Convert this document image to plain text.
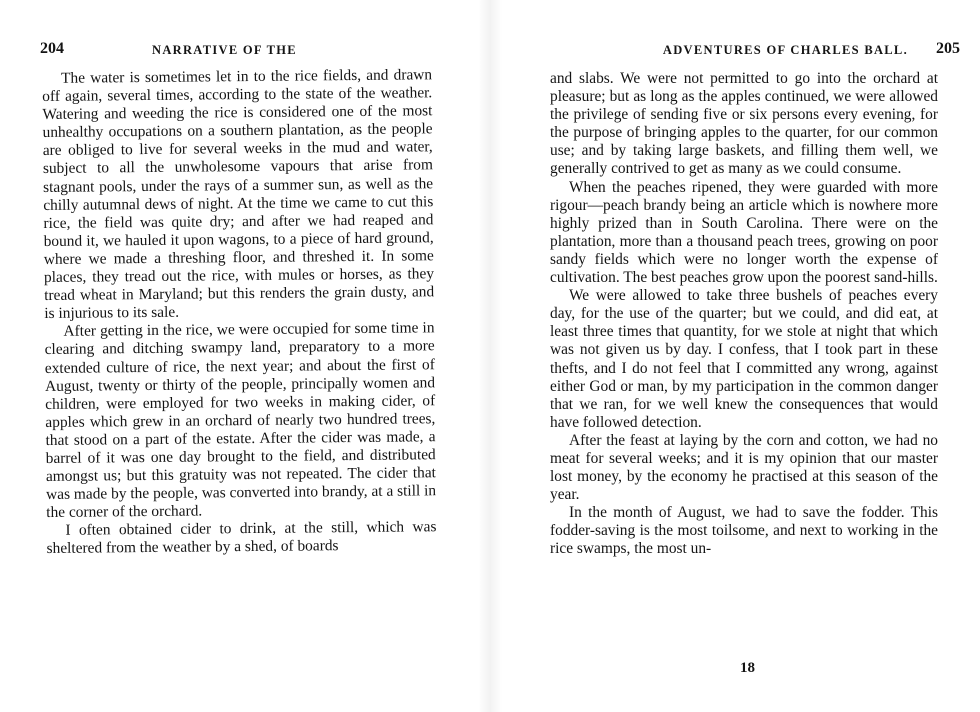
204	NARRATIVE OF THE

The water is sometimes let in to the rice fields, and drawn off again, several times, according to the state of the weather. Watering and weeding the rice is considered one of the most unhealthy occupations on a southern plantation, as the people are obliged to live for several weeks in the mud and water, subject to all the unwholesome vapours that arise from stagnant pools, under the rays of a summer sun, as well as the chilly autumnal dews of night. At the time we came to cut this rice, the field was quite dry; and after we had reaped and bound it, we hauled it upon wagons, to a piece of hard ground, where we made a threshing floor, and threshed it. In some places, they tread out the rice, with mules or horses, as they tread wheat in Maryland; but this renders the grain dusty, and is injurious to its sale.

After getting in the rice, we were occupied for some time in clearing and ditching swampy land, preparatory to a more extended culture of rice, the next year; and about the first of August, twenty or thirty of the people, principally women and children, were employed for two weeks in making cider, of apples which grew in an orchard of nearly two hundred trees, that stood on a part of the estate. After the cider was made, a barrel of it was one day brought to the field, and distributed amongst us; but this gratuity was not repeated. The cider that was made by the people, was converted into brandy, at a still in the corner of the orchard.

I often obtained cider to drink, at the still, which was sheltered from the weather by a shed, of boards

ADVENTURES OF CHARLES BALL. 205

and slabs. We were not permitted to go into the orchard at pleasure; but as long as the apples continued, we were allowed the privilege of sending five or six persons every evening, for the purpose of bringing apples to the quarter, for our common use; and by taking large baskets, and filling them well, we generally contrived to get as many as we could consume.

When the peaches ripened, they were guarded with more rigour—peach brandy being an article which is nowhere more highly prized than in South Carolina. There were on the plantation, more than a thousand peach trees, growing on poor sandy fields which were no longer worth the expense of cultivation. The best peaches grow upon the poorest sand-hills.

We were allowed to take three bushels of peaches every day, for the use of the quarter; but we could, and did eat, at least three times that quantity, for we stole at night that which was not given us by day. I confess, that I took part in these thefts, and I do not feel that I committed any wrong, against either God or man, by my participation in the common danger that we ran, for we well knew the consequences that would have followed detection.

After the feast at laying by the corn and cotton, we had no meat for several weeks; and it is my opinion that our master lost money, by the economy he practised at this season of the year.

In the month of August, we had to save the fodder. This fodder-saving is the most toilsome, and next to working in the rice swamps, the most un-

18
